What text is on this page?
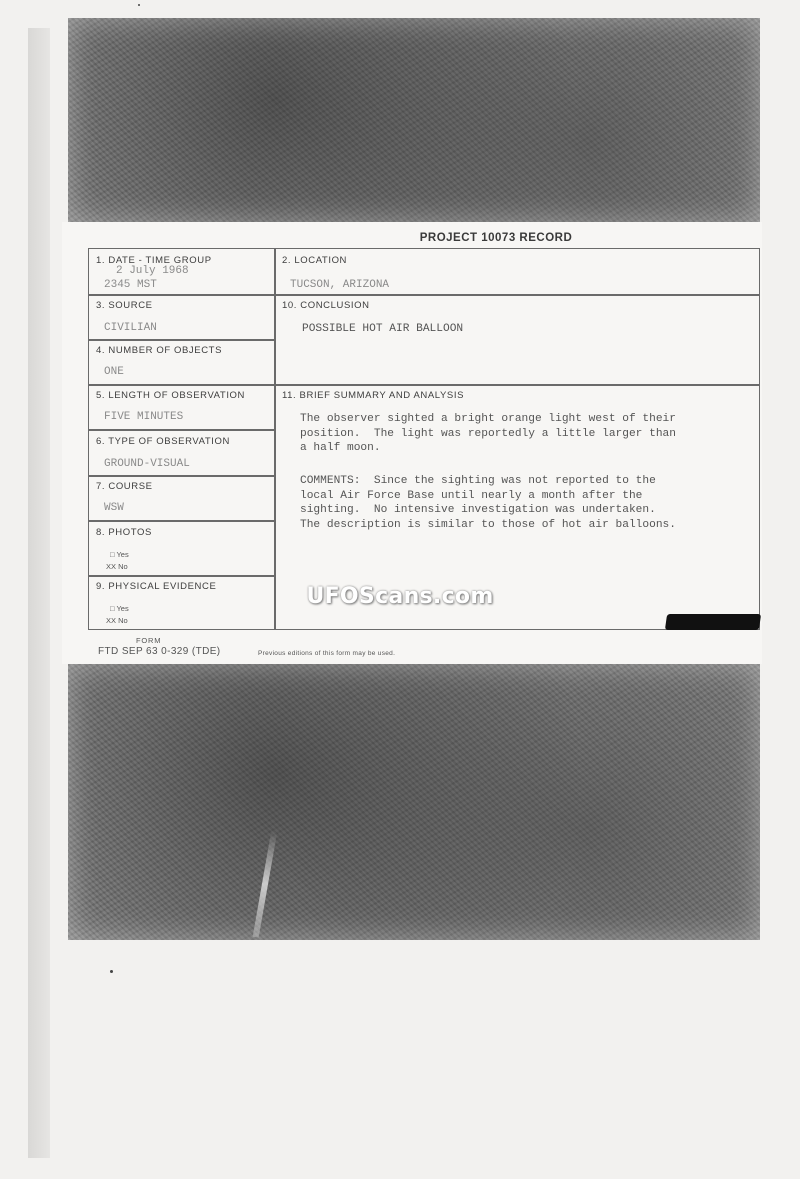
PROJECT 10073 RECORD
1. DATE - TIME GROUP
2 July 1968
2345 MST
2. LOCATION
TUCSON, ARIZONA
3. SOURCE
CIVILIAN
10. CONCLUSION
POSSIBLE HOT AIR BALLOON
4. NUMBER OF OBJECTS
ONE
5. LENGTH OF OBSERVATION
FIVE MINUTES
11. BRIEF SUMMARY AND ANALYSIS
The observer sighted a bright orange light west of their
position.  The light was reportedly a little larger than
a half moon.
COMMENTS:  Since the sighting was not reported to the
local Air Force Base until nearly a month after the
sighting.  No intensive investigation was undertaken.
The description is similar to those of hot air balloons.
6. TYPE OF OBSERVATION
GROUND-VISUAL
7. COURSE
WSW
8. PHOTOS
□ Yes
XX No
9. PHYSICAL EVIDENCE
□ Yes
XX No
UFOScans.com
FORM
FTD SEP 63 0-329 (TDE)	Previous editions of this form may be used.
